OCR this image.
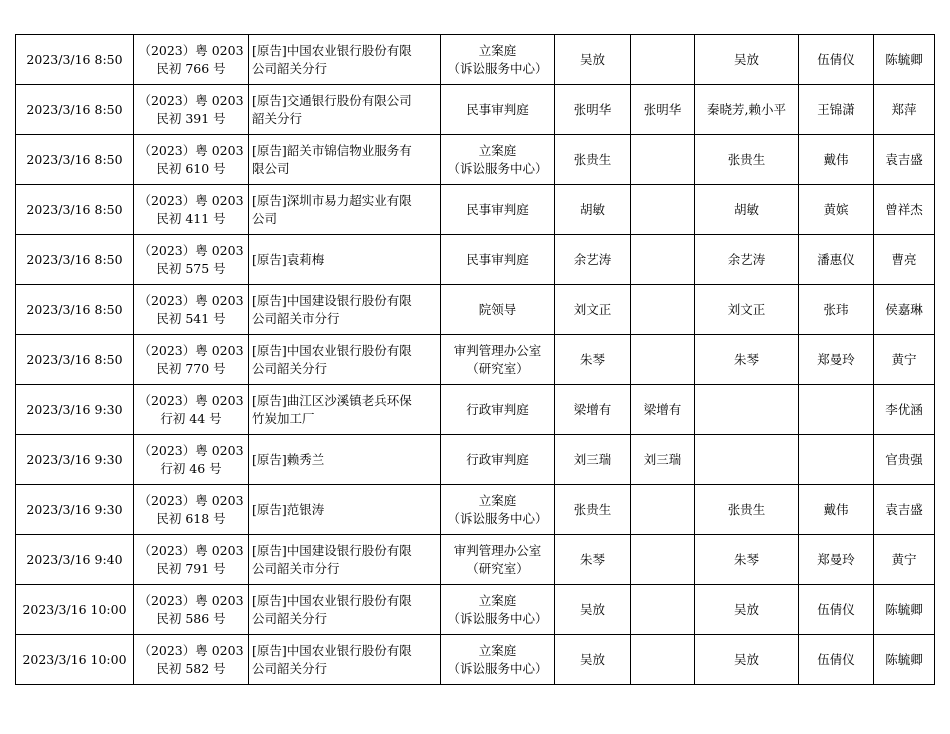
2023/3/16 8:50	（2023）粤 0203
民初 766 号	[原告]中国农业银行股份有限
公司韶关分行	立案庭
（诉讼服务中心）	吴放		吴放	伍倩仪	陈毓卿

2023/3/16 8:50	（2023）粤 0203
民初 391 号	[原告]交通银行股份有限公司
韶关分行	民事审判庭	张明华	张明华	秦晓芳,赖小平	王锦潇	郑萍

2023/3/16 8:50	（2023）粤 0203
民初 610 号	[原告]韶关市锦信物业服务有
限公司	立案庭
（诉讼服务中心）	张贵生		张贵生	戴伟	袁吉盛

2023/3/16 8:50	（2023）粤 0203
民初 411 号	[原告]深圳市易力超实业有限
公司	民事审判庭	胡敏		胡敏	黄嫔	曾祥杰

2023/3/16 8:50	（2023）粤 0203
民初 575 号	[原告]袁莉梅	民事审判庭	余艺涛		余艺涛	潘惠仪	曹亮

2023/3/16 8:50	（2023）粤 0203
民初 541 号	[原告]中国建设银行股份有限
公司韶关市分行	院领导	刘文正		刘文正	张玮	侯嘉琳

2023/3/16 8:50	（2023）粤 0203
民初 770 号	[原告]中国农业银行股份有限
公司韶关分行	审判管理办公室
（研究室）	朱琴		朱琴	郑曼玲	黄宁

2023/3/16 9:30	（2023）粤 0203
行初 44 号	[原告]曲江区沙溪镇老兵环保
竹炭加工厂	行政审判庭	梁增有	梁增有			李优涵

2023/3/16 9:30	（2023）粤 0203
行初 46 号	[原告]赖秀兰	行政审判庭	刘三瑞	刘三瑞			官贵强

2023/3/16 9:30	（2023）粤 0203
民初 618 号	[原告]范银涛	立案庭
（诉讼服务中心）	张贵生		张贵生	戴伟	袁吉盛

2023/3/16 9:40	（2023）粤 0203
民初 791 号	[原告]中国建设银行股份有限
公司韶关市分行	审判管理办公室
（研究室）	朱琴		朱琴	郑曼玲	黄宁

2023/3/16 10:00	（2023）粤 0203
民初 586 号	[原告]中国农业银行股份有限
公司韶关分行	立案庭
（诉讼服务中心）	吴放		吴放	伍倩仪	陈毓卿

2023/3/16 10:00	（2023）粤 0203
民初 582 号	[原告]中国农业银行股份有限
公司韶关分行	立案庭
（诉讼服务中心）	吴放		吴放	伍倩仪	陈毓卿
